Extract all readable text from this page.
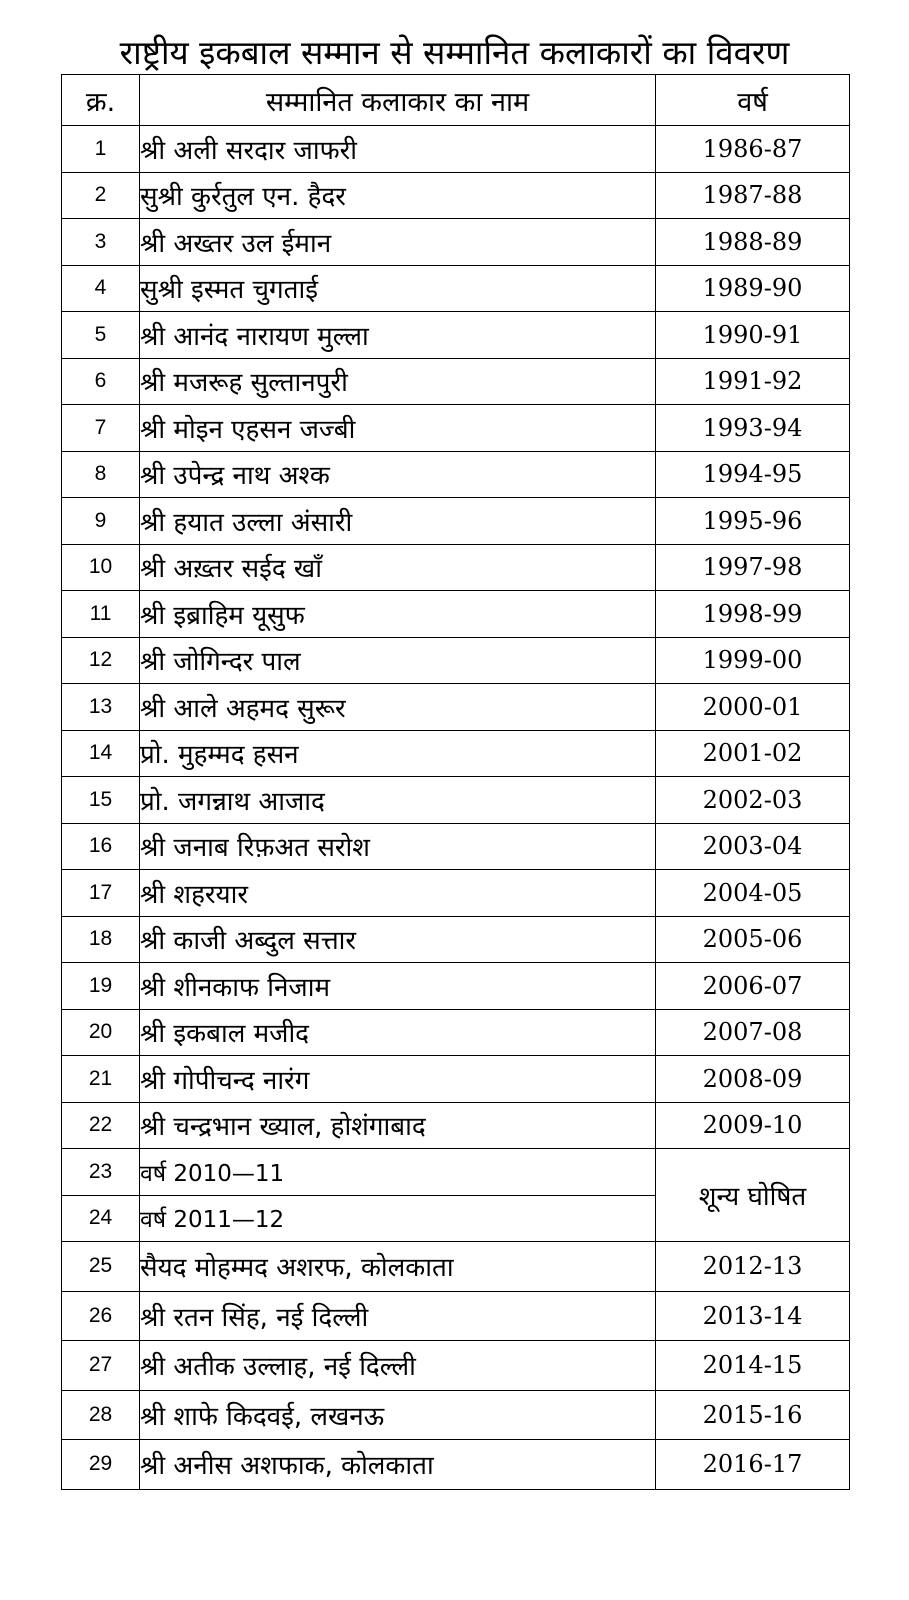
राष्ट्रीय इकबाल सम्मान से सम्मानित कलाकारों का विवरण
क्र.	सम्मानित कलाकार का नाम	वर्ष
1	श्री अली सरदार जाफरी	1986-87
2	सुश्री कुर्रतुल एन. हैदर	1987-88
3	श्री अख्तर उल ईमान	1988-89
4	सुश्री इस्मत चुगताई	1989-90
5	श्री आनंद नारायण मुल्ला	1990-91
6	श्री मजरूह सुल्तानपुरी	1991-92
7	श्री मोइन एहसन जज्बी	1993-94
8	श्री उपेन्द्र नाथ अश्क	1994-95
9	श्री हयात उल्ला अंसारी	1995-96
10	श्री अख़्तर सईद खाँ	1997-98
11	श्री इब्राहिम यूसुफ	1998-99
12	श्री जोगिन्दर पाल	1999-00
13	श्री आले अहमद सुरूर	2000-01
14	प्रो. मुहम्मद हसन	2001-02
15	प्रो. जगन्नाथ आजाद	2002-03
16	श्री जनाब रिफ़अत सरोश	2003-04
17	श्री शहरयार	2004-05
18	श्री काजी अब्दुल सत्तार	2005-06
19	श्री शीनकाफ निजाम	2006-07
20	श्री इकबाल मजीद	2007-08
21	श्री गोपीचन्द नारंग	2008-09
22	श्री चन्द्रभान ख्याल, होशंगाबाद	2009-10
23	वर्ष 2010—11	शून्य घोषित
24	वर्ष 2011—12	
25	सैयद मोहम्मद अशरफ, कोलकाता	2012-13
26	श्री रतन सिंह, नई दिल्ली	2013-14
27	श्री अतीक उल्लाह, नई दिल्ली	2014-15
28	श्री शाफे किदवई, लखनऊ	2015-16
29	श्री अनीस अशफाक, कोलकाता	2016-17
